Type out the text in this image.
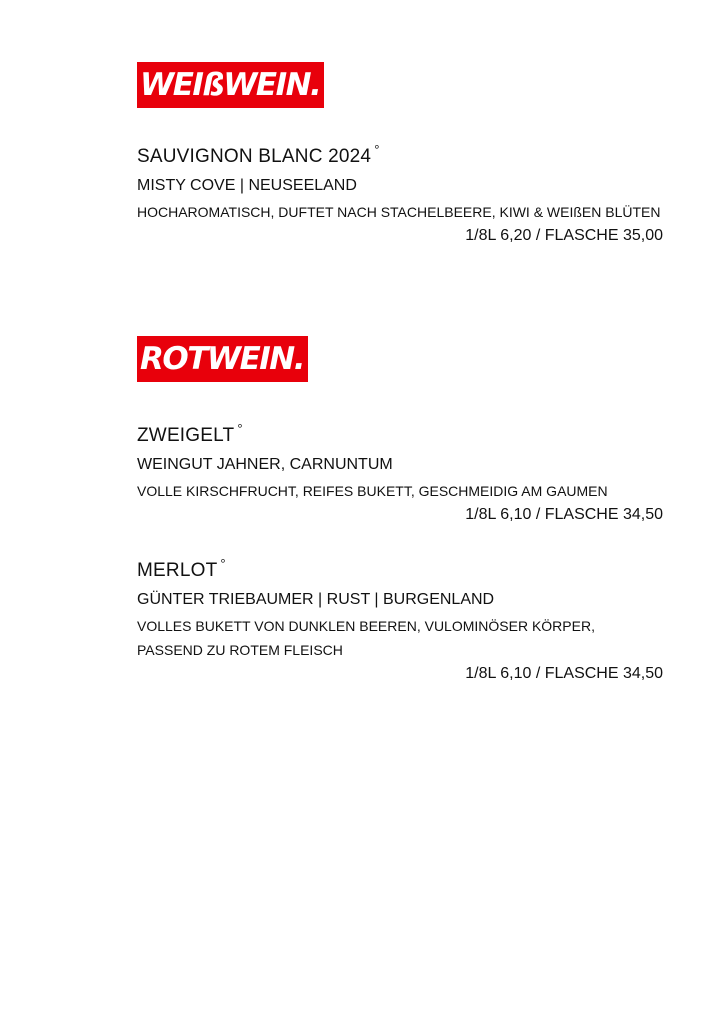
WEIßWEIN.
SAUVIGNON BLANC 2024 °
MISTY COVE | NEUSEELAND
HOCHAROMATISCH, DUFTET NACH STACHELBEERE, KIWI & WEIßEN BLÜTEN
1/8L 6,20 / FLASCHE 35,00
ROTWEIN.
ZWEIGELT °
WEINGUT JAHNER, CARNUNTUM
VOLLE KIRSCHFRUCHT, REIFES BUKETT, GESCHMEIDIG AM GAUMEN
1/8L 6,10 / FLASCHE 34,50
MERLOT °
GÜNTER TRIEBAUMER | RUST | BURGENLAND
VOLLES BUKETT VON DUNKLEN BEEREN, VULOMINÖSER KÖRPER, PASSEND ZU ROTEM FLEISCH
1/8L 6,10 / FLASCHE 34,50
